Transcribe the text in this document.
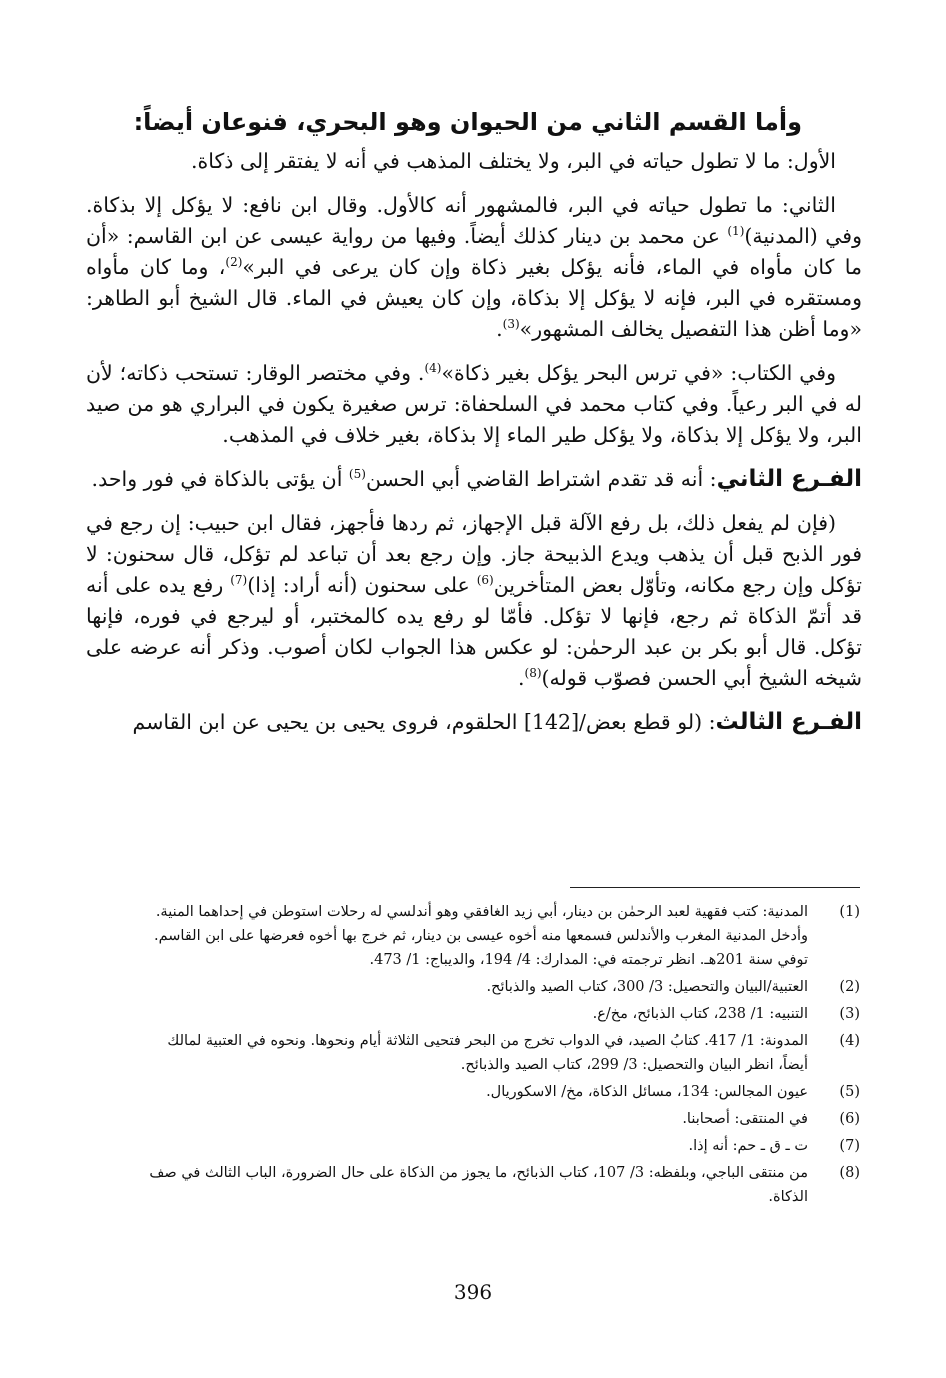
وأما القسم الثاني من الحيوان وهو البحري، فنوعان أيضاً:

الأول: ما لا تطول حياته في البر، ولا يختلف المذهب في أنه لا يفتقر إلى ذكاة.

الثاني: ما تطول حياته في البر، فالمشهور أنه كالأول. وقال ابن نافع: لا يؤكل إلا بذكاة. وفي (المدنية)$^{(1)}$ عن محمد بن دينار كذلك أيضاً. وفيها من رواية عيسى عن ابن القاسم: «أن ما كان مأواه في الماء، فأنه يؤكل بغير ذكاة وإن كان يرعى في البر»$^{(2)}$، وما كان مأواه ومستقره في البر، فإنه لا يؤكل إلا بذكاة، وإن كان يعيش في الماء. قال الشيخ أبو الطاهر: «وما أظن هذا التفصيل يخالف المشهور»$^{(3)}$.

وفي الكتاب: «في ترس البحر يؤكل بغير ذكاة»$^{(4)}$. وفي مختصر الوقار: تستحب ذكاته؛ لأن له في البر رعياً. وفي كتاب محمد في السلحفاة: ترس صغيرة يكون في البراري هو من صيد البر، ولا يؤكل إلا بذكاة، ولا يؤكل طير الماء إلا بذكاة، بغير خلاف في المذهب.

الفـرع الثاني: أنه قد تقدم اشتراط القاضي أبي الحسن$^{(5)}$ أن يؤتى بالذكاة في فور واحد.

(فإن لم يفعل ذلك، بل رفع الآلة قبل الإجهاز، ثم ردها فأجهز، فقال ابن حبيب: إن رجع في فور الذبح قبل أن يذهب ويدع الذبيحة جاز. وإن رجع بعد أن تباعد لم تؤكل، قال سحنون: لا تؤكل وإن رجع مكانه، وتأوّل بعض المتأخرين$^{(6)}$ على سحنون (أنه أراد: إذا)$^{(7)}$ رفع يده على أنه قد أتمّ الذكاة ثم رجع، فإنها لا تؤكل. فأمّا لو رفع يده كالمختبر، أو ليرجع في فوره، فإنها تؤكل. قال أبو بكر بن عبد الرحمٰن: لو عكس هذا الجواب لكان أصوب. وذكر أنه عرضه على شيخه الشيخ أبي الحسن فصوّب قوله)$^{(8)}$.

الفـرع الثالث: (لو قطع بعض/[142] الحلقوم، فروى يحيى بن يحيى عن ابن القاسم

(1)
المدنية: كتب فقهية لعبد الرحمٰن بن دينار، أبي زيد الغافقي وهو أندلسي له رحلات استوطن في إحداهما المنية.
وأدخل المدنية المغرب والأندلس فسمعها منه أخوه عيسى بن دينار، ثم خرج بها أخوه فعرضها على ابن القاسم.
توفي سنة 201هـ. انظر ترجمته في: المدارك: 4/ 194، والديباج: 1/ 473.
(2)
العتبية/البيان والتحصيل: 3/ 300، كتاب الصيد والذبائح.
(3)
التنبيه: 1/ 238، كتاب الذبائح، مخ/ع.
(4)
المدونة: 1/ 417. كتابُ الصيد، في الدواب تخرج من البحر فتحيى الثلاثة أيام ونحوها. ونحوه في العتبية لمالك
أيضاً، انظر البيان والتحصيل: 3/ 299، كتاب الصيد والذبائح.
(5)
عيون المجالس: 134، مسائل الذكاة، مخ/ الاسكوريال.
(6)
في المنتقى: أصحابنا.
(7)
ت ـ ق ـ حم: أنه إذا.
(8)
من منتقى الباجي، وبلفظه: 3/ 107، كتاب الذبائح، ما يجوز من الذكاة على حال الضرورة، الباب الثالث في صف
الذكاة.
396
